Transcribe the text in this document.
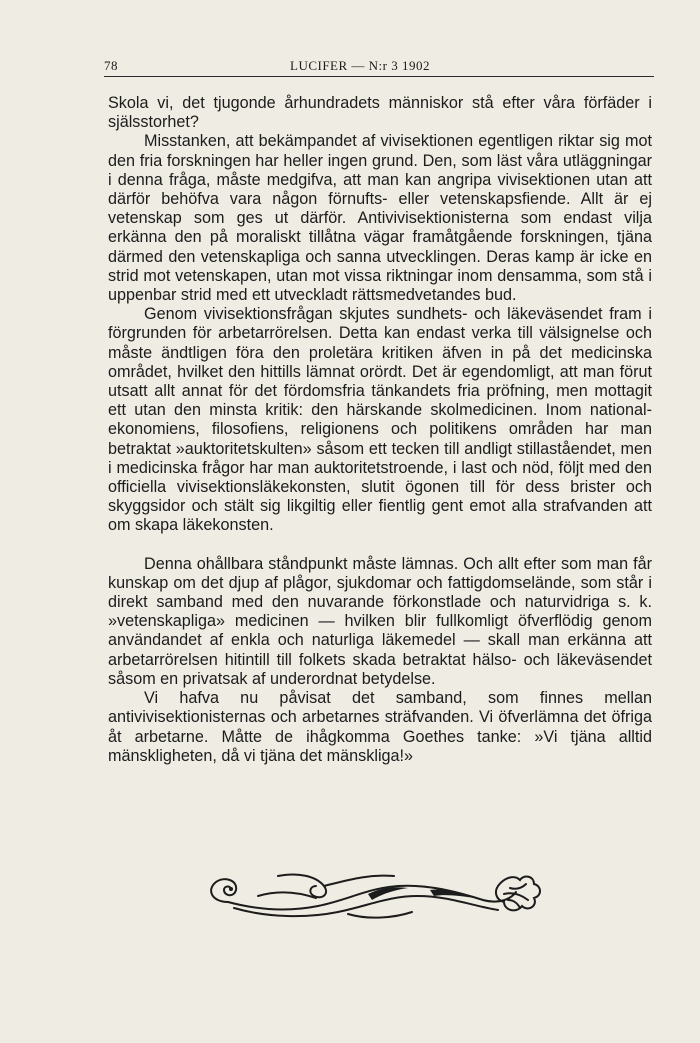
78	LUCIFER — N:r 3 1902

Skola vi, det tjugonde århundradets människor stå efter våra förfäder i själsstorhet?

Misstanken, att bekämpandet af vivisektionen egentligen riktar sig mot den fria forskningen har heller ingen grund. Den, som läst våra utläggningar i denna fråga, måste medgifva, att man kan angripa vivisektionen utan att därför behöfva vara någon förnufts- eller vetenskapsfiende. Allt är ej vetenskap som ges ut därför. Antivivisektionisterna som endast vilja erkänna den på moraliskt tillåtna vägar framåtgående forskningen, tjäna därmed den vetenskapliga och sanna utvecklingen. Deras kamp är icke en strid mot vetenskapen, utan mot vissa riktningar inom densamma, som stå i uppenbar strid med ett utveckladt rättsmedvetandes bud.

Genom vivisektionsfrågan skjutes sundhets- och läkeväsendet fram i förgrunden för arbetarrörelsen. Detta kan endast verka till välsignelse och måste ändtligen föra den proletära kritiken äfven in på det medicinska området, hvilket den hittills lämnat orördt. Det är egendomligt, att man förut utsatt allt annat för det fördomsfria tänkandets fria pröfning, men mottagit ett utan den minsta kritik: den härskande skolmedicinen. Inom national-ekonomiens, filosofiens, religionens och politikens områden har man betraktat »auktoritetskulten» såsom ett tecken till andligt stillaståendet, men i medicinska frågor har man auktoritetstroende, i last och nöd, följt med den officiella vivisektionsläkekonsten, slutit ögonen till för dess brister och skyggsidor och stält sig likgiltig eller fientlig gent emot alla strafvanden att om skapa läkekonsten.

Denna ohållbara ståndpunkt måste lämnas. Och allt efter som man får kunskap om det djup af plågor, sjukdomar och fattigdomseländе, som står i direkt samband med den nuvarande förkonstlade och naturvidriga s. k. »vetenskapliga» medicinen — hvilken blir fullkomligt öfverflödig genom användandet af enkla och naturliga läkemedel — skall man erkänna att arbetarrörelsen hitintill till folkets skada betraktat hälso- och läkeväsendet såsom en privatsak af underordnat betydelse.

Vi hafva nu påvisat det samband, som finnes mellan antivivisektionisternas och arbetarnes sträfvanden. Vi öfverlämna det öfriga åt arbetarne. Måtte de ihågkomma Goethes tanke: »Vi tjäna alltid mänskligheten, då vi tjäna det mänskliga!»
